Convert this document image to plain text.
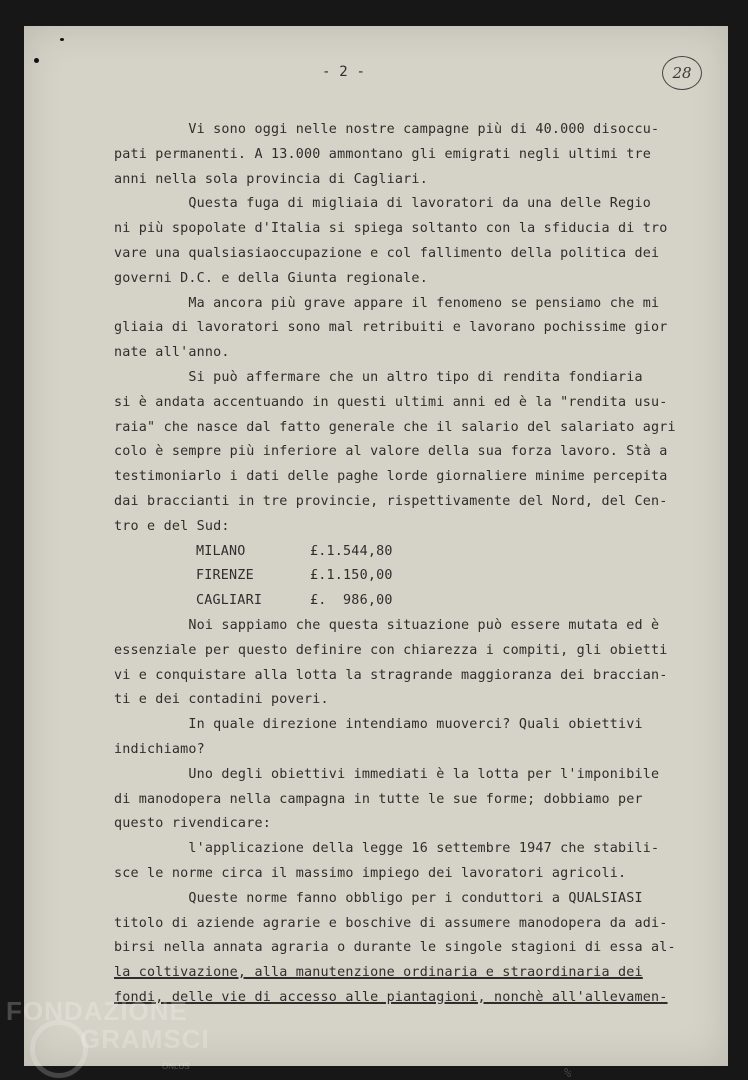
- 2 -	28
Vi sono oggi nelle nostre campagne più di 40.000 disoccu-
pati permanenti. A 13.000 ammontano gli emigrati negli ultimi tre
anni nella sola provincia di Cagliari.
Questa fuga di migliaia di lavoratori da una delle Regio
ni più spopolate d'Italia si spiega soltanto con la sfiducia di tro
vare una qualsiasiaoccupazione e col fallimento della politica dei
governi D.C. e della Giunta regionale.
Ma ancora più grave appare il fenomeno se pensiamo che mi
gliaia di lavoratori sono mal retribuiti e lavorano pochissime gior
nate all'anno.
Si può affermare che un altro tipo di rendita fondiaria
si è andata accentuando in questi ultimi anni ed è la "rendita usu-
raia" che nasce dal fatto generale che il salario del salariato agri
colo è sempre più inferiore al valore della sua forza lavoro. Stà a
testimoniarlo i dati delle paghe lorde giornaliere minime percepita
dai braccianti in tre provincie, rispettivamente del Nord, del Cen-
tro e del Sud:
MILANO	£.1.544,80
FIRENZE	£.1.150,00
CAGLIARI	£.  986,00
Noi sappiamo che questa situazione può essere mutata ed è
essenziale per questo definire con chiarezza i compiti, gli obietti
vi e conquistare alla lotta la stragrande maggioranza dei braccian-
ti e dei contadini poveri.
In quale direzione intendiamo muoverci? Quali obiettivi
indichiamo?
Uno degli obiettivi immediati è la lotta per l'imponibile
di manodopera nella campagna in tutte le sue forme; dobbiamo per
questo rivendicare:
l'applicazione della legge 16 settembre 1947 che stabili-
sce le norme circa il massimo impiego dei lavoratori agricoli.
Queste norme fanno obbligo per i conduttori a QUALSIASI
titolo di aziende agrarie e boschive di assumere manodopera da adi-
birsi nella annata agraria o durante le singole stagioni di essa al-
la coltivazione, alla manutenzione ordinaria e straordinaria dei
fondi, delle vie di accesso alle piantagioni, nonchè all'allevamen-
%
FONDAZIONE
GRAMSCI
ONLUS
